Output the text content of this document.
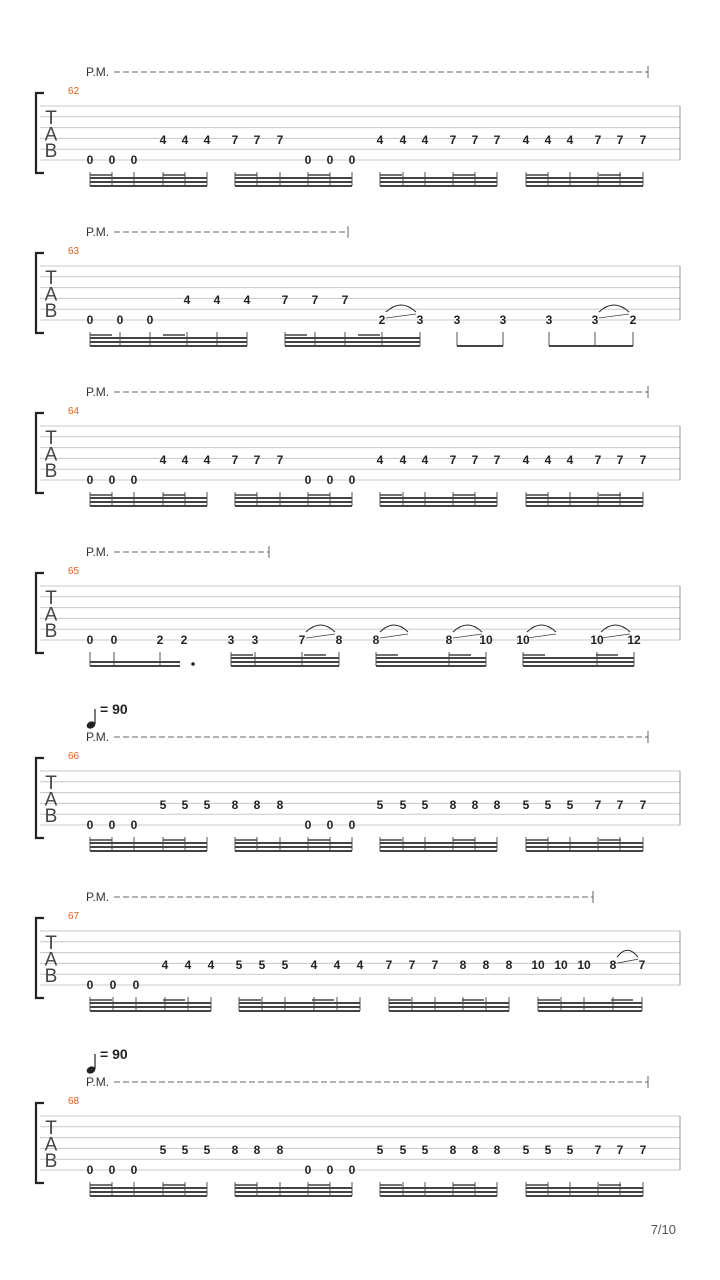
T
A
B
62
P.M.
0 0 0
4 4 4 7 7 7
0 0 0
4 4 4 7 7 7 4 4 4 7 7 7
T
A
B
63
P.M.
0 0 0
4 4 4	7 7 7
2	3	3	3	3	3	2
T
A
B
64
P.M.
0 0 0
4 4 4 7 7 7
0 0 0
4 4 4 7 7 7 4 4 4 7 7 7
T
A
B
65
P.M.
0 0	2 2	3 3	7	8	8	8 10 10	10 12
T
A
B
66
= 90
P.M.
0 0 0
5 5 5 8 8 8
0 0 0
5 5 5 8 8 8 5 5 5 7 7 7
T
A
B
67
P.M.
0 0 0
4 4 4 5 5 5 4 4 4 7 7 7 8 8 8 10 10 10 8 7
T
A
B
68
= 90
P.M.
0 0 0
5 5 5 8 8 8
0 0 0
5 5 5 8 8 8 5 5 5 7 7 7
7/10
